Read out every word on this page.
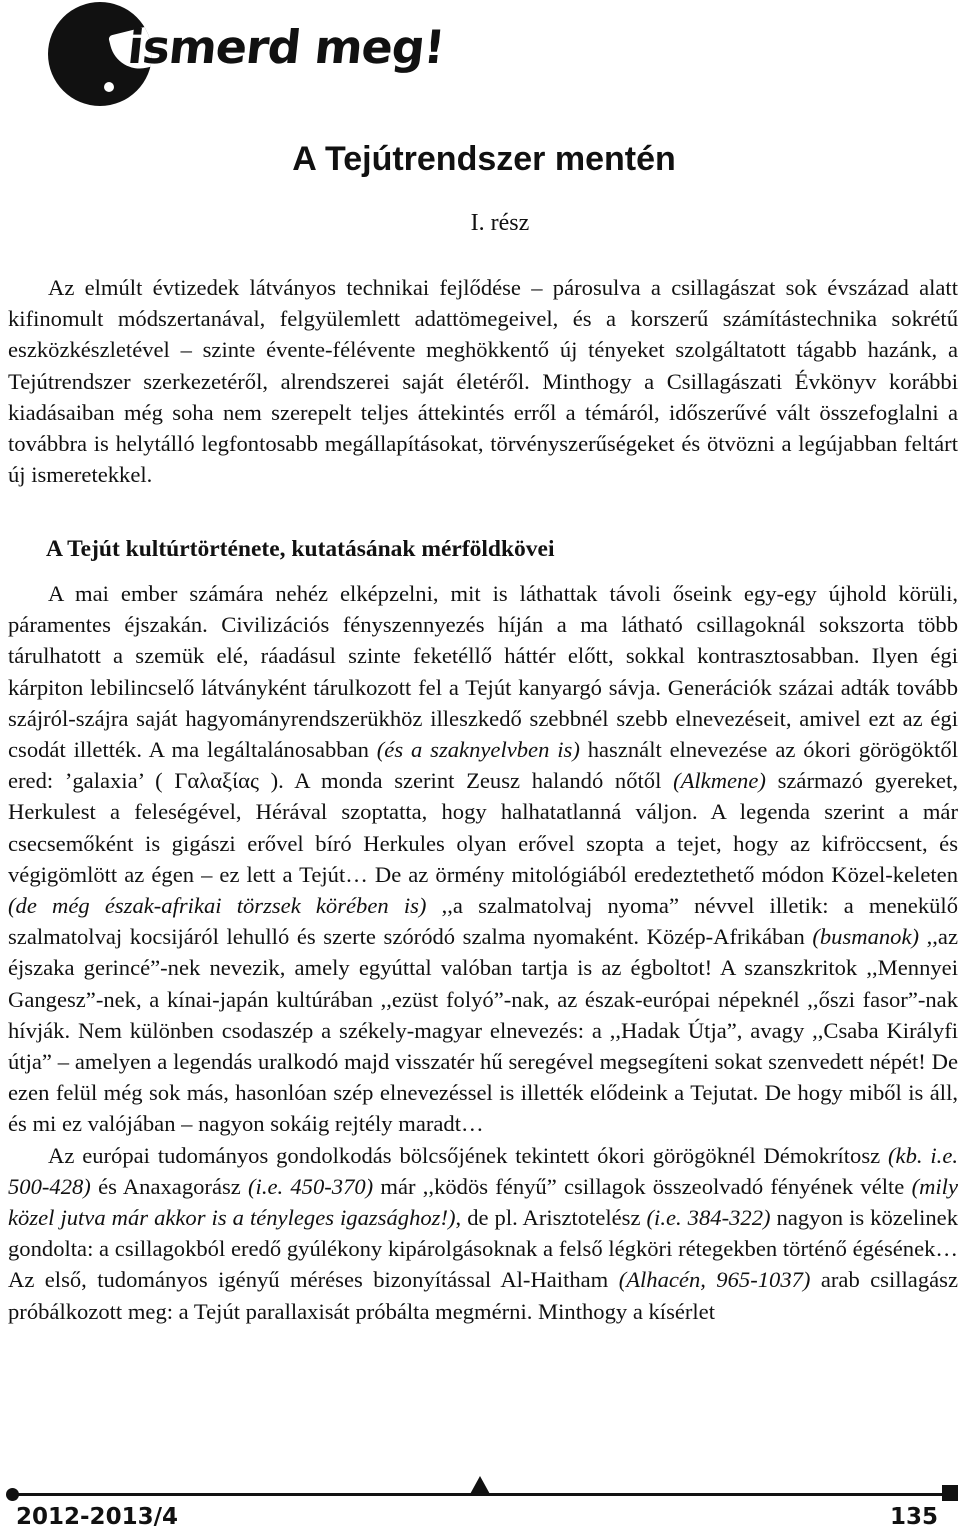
ismerd meg!
A Tejútrendszer mentén
I. rész

Az elmúlt évtizedek látványos technikai fejlődése – párosulva a csillagászat sok évszázad alatt kifinomult módszertanával, felgyülemlett adattömegeivel, és a korszerű számítástechnika sokrétű eszközkészletével – szinte évente-félévente meghökkentő új tényeket szolgáltatott tágabb hazánk, a Tejútrendszer szerkezetéről, alrendszerei saját életéről. Minthogy a Csillagászati Évkönyv korábbi kiadásaiban még soha nem szerepelt teljes áttekintés erről a témáról, időszerűvé vált összefoglalni a továbbra is helytálló legfontosabb megállapításokat, törvényszerűségeket és ötvözni a legújabban feltárt új ismeretekkel.

A Tejút kultúrtörténete, kutatásának mérföldkövei

A mai ember számára nehéz elképzelni, mit is láthattak távoli őseink egy-egy újhold körüli, páramentes éjszakán. Civilizációs fényszennyezés híján a ma látható csillagoknál sokszorta több tárulhatott a szemük elé, ráadásul szinte feketéllő háttér előtt, sokkal kontrasztosabban. Ilyen égi kárpiton lebilincselő látványként tárulkozott fel a Tejút kanyargó sávja. Generációk százai adták tovább szájról-szájra saját hagyományrendszerükhöz illeszkedő szebbnél szebb elnevezéseit, amivel ezt az égi csodát illették. A ma legáltalánosabban (és a szaknyelvben is) használt elnevezése az ókori görögöktől ered: ’galaxia’ ( Γαλαξίας ). A monda szerint Zeusz halandó nőtől (Alkmene) származó gyereket, Herkulest a feleségével, Hérával szoptatta, hogy halhatatlanná váljon. A legenda szerint a már csecsemőként is gigászi erővel bíró Herkules olyan erővel szopta a tejet, hogy az kifröccsent, és végigömlött az égen – ez lett a Tejút… De az örmény mitológiából eredeztethető módon Közel-keleten (de még észak-afrikai törzsek körében is) ,,a szalmatolvaj nyoma” névvel illetik: a menekülő szalmatolvaj kocsijáról lehulló és szerte szóródó szalma nyomaként. Közép-Afrikában (busmanok) ,,az éjszaka gerincé”-nek nevezik, amely egyúttal valóban tartja is az égboltot! A szanszkritok ,,Mennyei Gangesz”-nek, a kínai-japán kultúrában ,,ezüst folyó”-nak, az észak-európai népeknél ,,őszi fasor”-nak hívják. Nem különben csodaszép a székely-magyar elnevezés: a ,,Hadak Útja”, avagy ,,Csaba Királyfi útja” – amelyen a legendás uralkodó majd visszatér hű seregével megsegíteni sokat szenvedett népét! De ezen felül még sok más, hasonlóan szép elnevezéssel is illették elődeink a Tejutat. De hogy miből is áll, és mi ez valójában – nagyon sokáig rejtély maradt…

Az európai tudományos gondolkodás bölcsőjének tekintett ókori görögöknél Démokrítosz (kb. i.e. 500-428) és Anaxagorász (i.e. 450-370) már ,,ködös fényű” csillagok összeolvadó fényének vélte (mily közel jutva már akkor is a tényleges igazsághoz!), de pl. Arisztotelész (i.e. 384-322) nagyon is közelinek gondolta: a csillagokból eredő gyúlékony kipárolgásoknak a felső légköri rétegekben történő égésének… Az első, tudományos igényű méréses bizonyítással Al-Haitham (Alhacén, 965-1037) arab csillagász próbálkozott meg: a Tejút parallaxisát próbálta megmérni. Minthogy a kísérlet

2012-2013/4	135
